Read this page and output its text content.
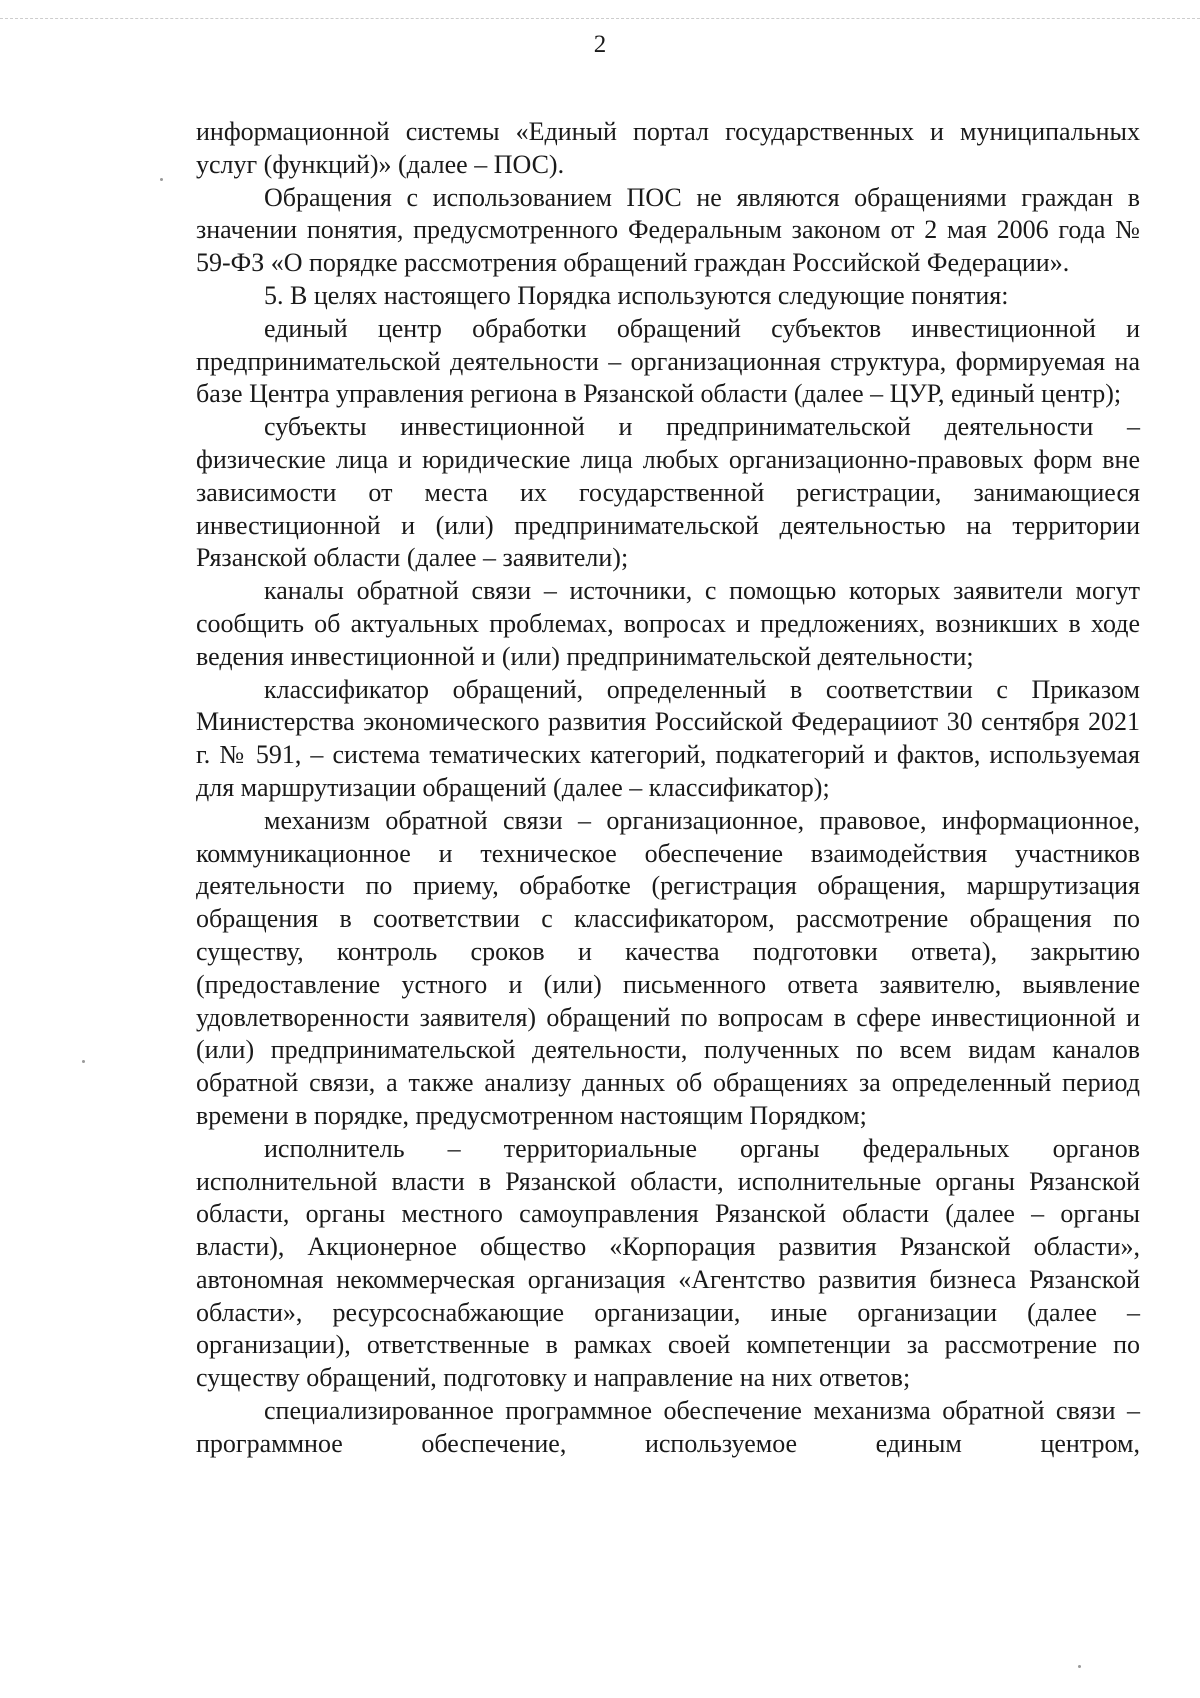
2

информационной системы «Единый портал государственных и муниципальных услуг (функций)» (далее – ПОС).

Обращения с использованием ПОС не являются обращениями граждан в значении понятия, предусмотренного Федеральным законом от 2 мая 2006 года № 59-ФЗ «О порядке рассмотрения обращений граждан Российской Федерации».

5. В целях настоящего Порядка используются следующие понятия:

единый центр обработки обращений субъектов инвестиционной и предпринимательской деятельности – организационная структура, формируемая на базе Центра управления региона в Рязанской области (далее – ЦУР, единый центр);

субъекты инвестиционной и предпринимательской деятельности – физические лица и юридические лица любых организационно-правовых форм вне зависимости от места их государственной регистрации, занимающиеся инвестиционной и (или) предпринимательской деятельностью на территории Рязанской области (далее – заявители);

каналы обратной связи – источники, с помощью которых заявители могут сообщить об актуальных проблемах, вопросах и предложениях, возникших в ходе ведения инвестиционной и (или) предпринимательской деятельности;

классификатор обращений, определенный в соответствии с Приказом Министерства экономического развития Российской Федерацииот 30 сентября 2021 г. № 591, – система тематических категорий, подкатегорий и фактов, используемая для маршрутизации обращений (далее – классификатор);

механизм обратной связи – организационное, правовое, информационное, коммуникационное и техническое обеспечение взаимодействия участников деятельности по приему, обработке (регистрация обращения, маршрутизация обращения в соответствии с классификатором, рассмотрение обращения по существу, контроль сроков и качества подготовки ответа), закрытию (предоставление устного и (или) письменного ответа заявителю, выявление удовлетворенности заявителя) обращений по вопросам в сфере инвестиционной и (или) предпринимательской деятельности, полученных по всем видам каналов обратной связи, а также анализу данных об обращениях за определенный период времени в порядке, предусмотренном настоящим Порядком;

исполнитель – территориальные органы федеральных органов исполнительной власти в Рязанской области, исполнительные органы Рязанской области, органы местного самоуправления Рязанской области (далее – органы власти), Акционерное общество «Корпорация развития Рязанской области», автономная некоммерческая организация «Агентство развития бизнеса Рязанской области», ресурсоснабжающие организации, иные организации (далее – организации), ответственные в рамках своей компетенции за рассмотрение по существу обращений, подготовку и направление на них ответов;

специализированное программное обеспечение механизма обратной связи – программное обеспечение, используемое единым центром,
